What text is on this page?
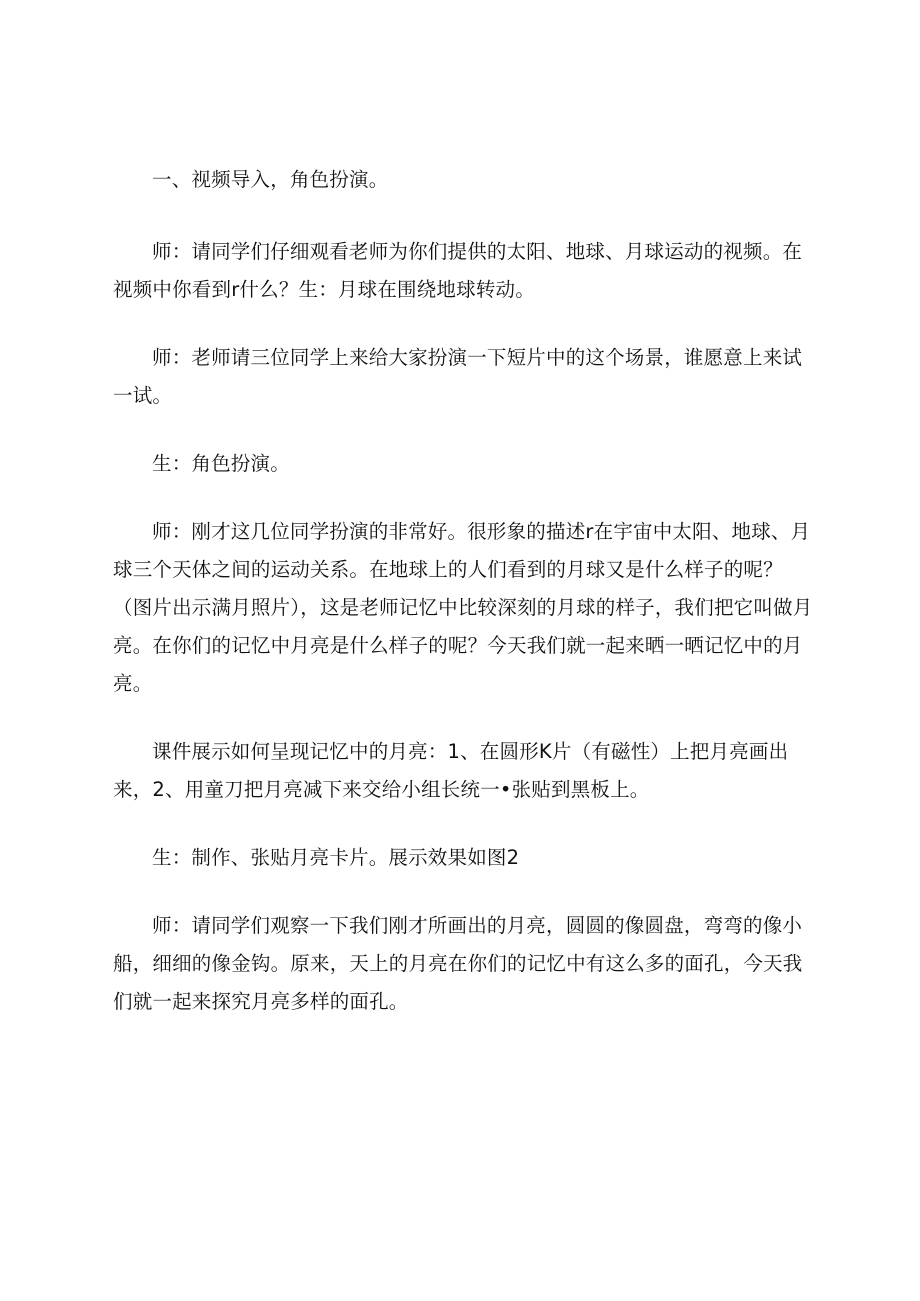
一、视频导入，角色扮演。

师：请同学们仔细观看老师为你们提供的太阳、地球、月球运动的视频。在视频中你看到r什么？生：月球在围绕地球转动。

师：老师请三位同学上来给大家扮演一下短片中的这个场景，谁愿意上来试一试。

生：角色扮演。

师：刚才这几位同学扮演的非常好。很形象的描述r在宇宙中太阳、地球、月球三个天体之间的运动关系。在地球上的人们看到的月球又是什么样子的呢？（图片出示满月照片），这是老师记忆中比较深刻的月球的样子，我们把它叫做月亮。在你们的记忆中月亮是什么样子的呢？今天我们就一起来晒一晒记忆中的月亮。

课件展示如何呈现记忆中的月亮：1、在圆形K片（有磁性）上把月亮画出来，2、用童刀把月亮减下来交给小组长统一•张贴到黑板上。

生：制作、张贴月亮卡片。展示效果如图2

师：请同学们观察一下我们刚才所画出的月亮，圆圆的像圆盘，弯弯的像小船，细细的像金钩。原来，天上的月亮在你们的记忆中有这么多的面孔，今天我们就一起来探究月亮多样的面孔。
